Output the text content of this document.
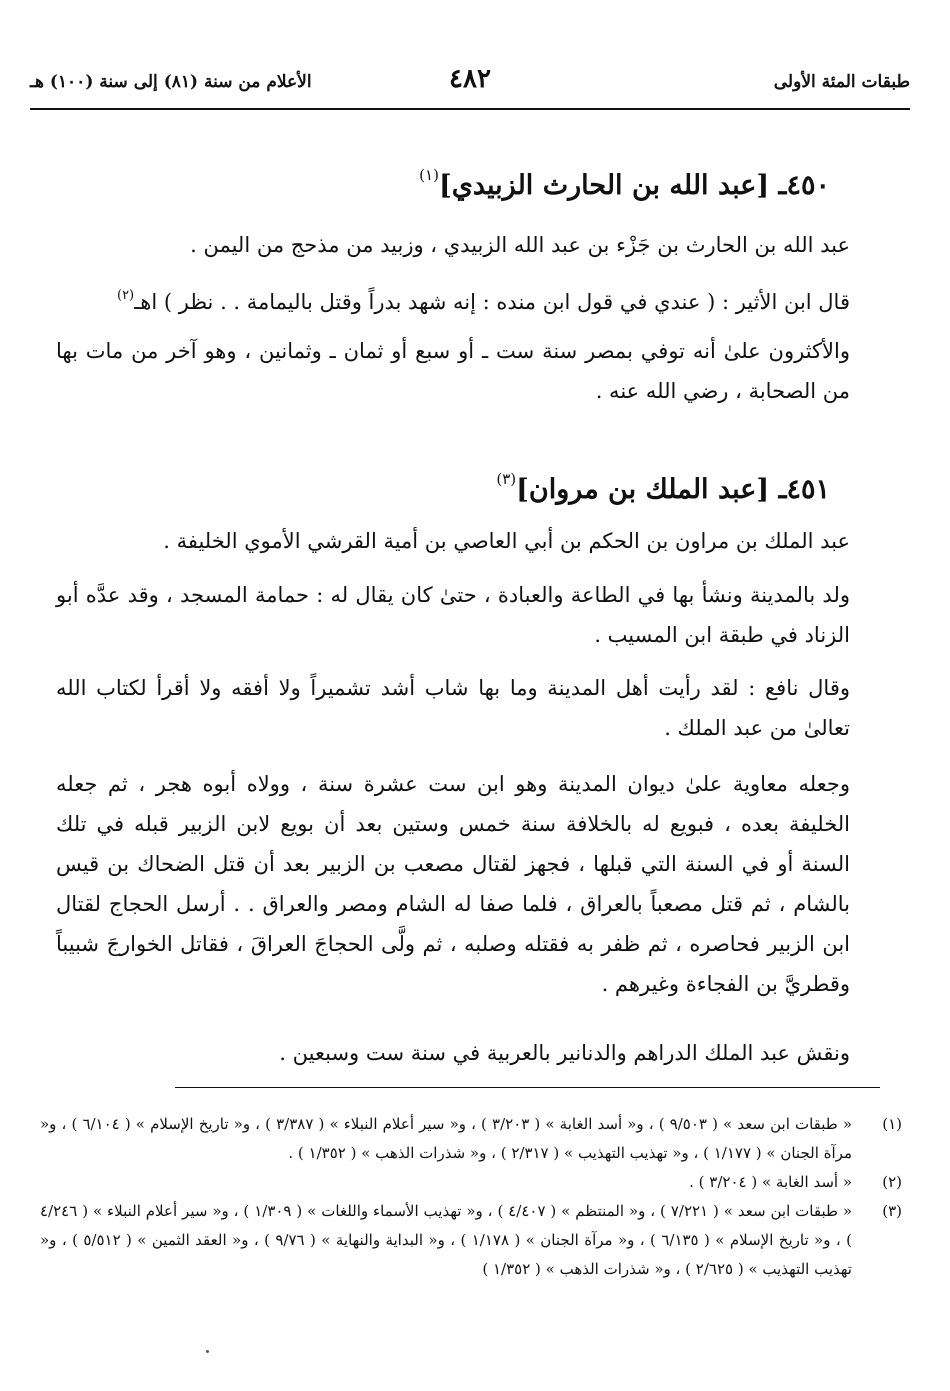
طبقات المئة الأولى
٤٨٢
الأعلام من سنة (٨١) إلى سنة (١٠٠) هـ
٤٥٠ـ [عبد الله بن الحارث الزبيدي]$^{(١)}$

عبد الله بن الحارث بن جَزْء بن عبد الله الزبيدي ، وزبيد من مذحج من اليمن .

قال ابن الأثير : ( عندي في قول ابن منده : إنه شهد بدراً وقتل باليمامة . . نظر ) اهـ$^{(٢)}$

والأكثرون علىٰ أنه توفي بمصر سنة ست ـ أو سبع أو ثمان ـ وثمانين ، وهو آخر من مات بها من الصحابة ، رضي الله عنه .

٤٥١ـ [عبد الملك بن مروان]$^{(٣)}$

عبد الملك بن مراون بن الحكم بن أبي العاصي بن أمية القرشي الأموي الخليفة .

ولد بالمدينة ونشأ بها في الطاعة والعبادة ، حتىٰ كان يقال له : حمامة المسجد ، وقد عدَّه أبو الزناد في طبقة ابن المسيب .

وقال نافع : لقد رأيت أهل المدينة وما بها شاب أشد تشميراً ولا أفقه ولا أقرأ لكتاب الله تعالىٰ من عبد الملك .

وجعله معاوية علىٰ ديوان المدينة وهو ابن ست عشرة سنة ، وولاه أبوه هجر ، ثم جعله الخليفة بعده ، فبويع له بالخلافة سنة خمس وستين بعد أن بويع لابن الزبير قبله في تلك السنة أو في السنة التي قبلها ، فجهز لقتال مصعب بن الزبير بعد أن قتل الضحاك بن قيس بالشام ، ثم قتل مصعباً بالعراق ، فلما صفا له الشام ومصر والعراق . . أرسل الحجاج لقتال ابن الزبير فحاصره ، ثم ظفر به فقتله وصلبه ، ثم ولَّى الحجاجَ العراقَ ، فقاتل الخوارجَ شبيباً وقطريَّ بن الفجاءة وغيرهم .

ونقش عبد الملك الدراهم والدنانير بالعربية في سنة ست وسبعين .

(١)
« طبقات ابن سعد » ( ٩/٥٠٣ ) ، و« أسد الغابة » ( ٣/٢٠٣ ) ، و« سير أعلام النبلاء » ( ٣/٣٨٧ ) ، و« تاريخ الإسلام » ( ٦/١٠٤ ) ، و« مرآة الجنان » ( ١/١٧٧ ) ، و« تهذيب التهذيب » ( ٢/٣١٧ ) ، و« شذرات الذهب » ( ١/٣٥٢ ) .
(٢)
« أسد الغابة » ( ٣/٢٠٤ ) .
(٣)
« طبقات ابن سعد » ( ٧/٢٢١ ) ، و« المنتظم » ( ٤/٤٠٧ ) ، و« تهذيب الأسماء واللغات » ( ١/٣٠٩ ) ، و« سير أعلام النبلاء » ( ٤/٢٤٦ ) ، و« تاريخ الإسلام » ( ٦/١٣٥ ) ، و« مرآة الجنان » ( ١/١٧٨ ) ، و« البداية والنهاية » ( ٩/٧٦ ) ، و« العقد الثمين » ( ٥/٥١٢ ) ، و« تهذيب التهذيب » ( ٢/٦٢٥ ) ، و« شذرات الذهب » ( ١/٣٥٢ )
